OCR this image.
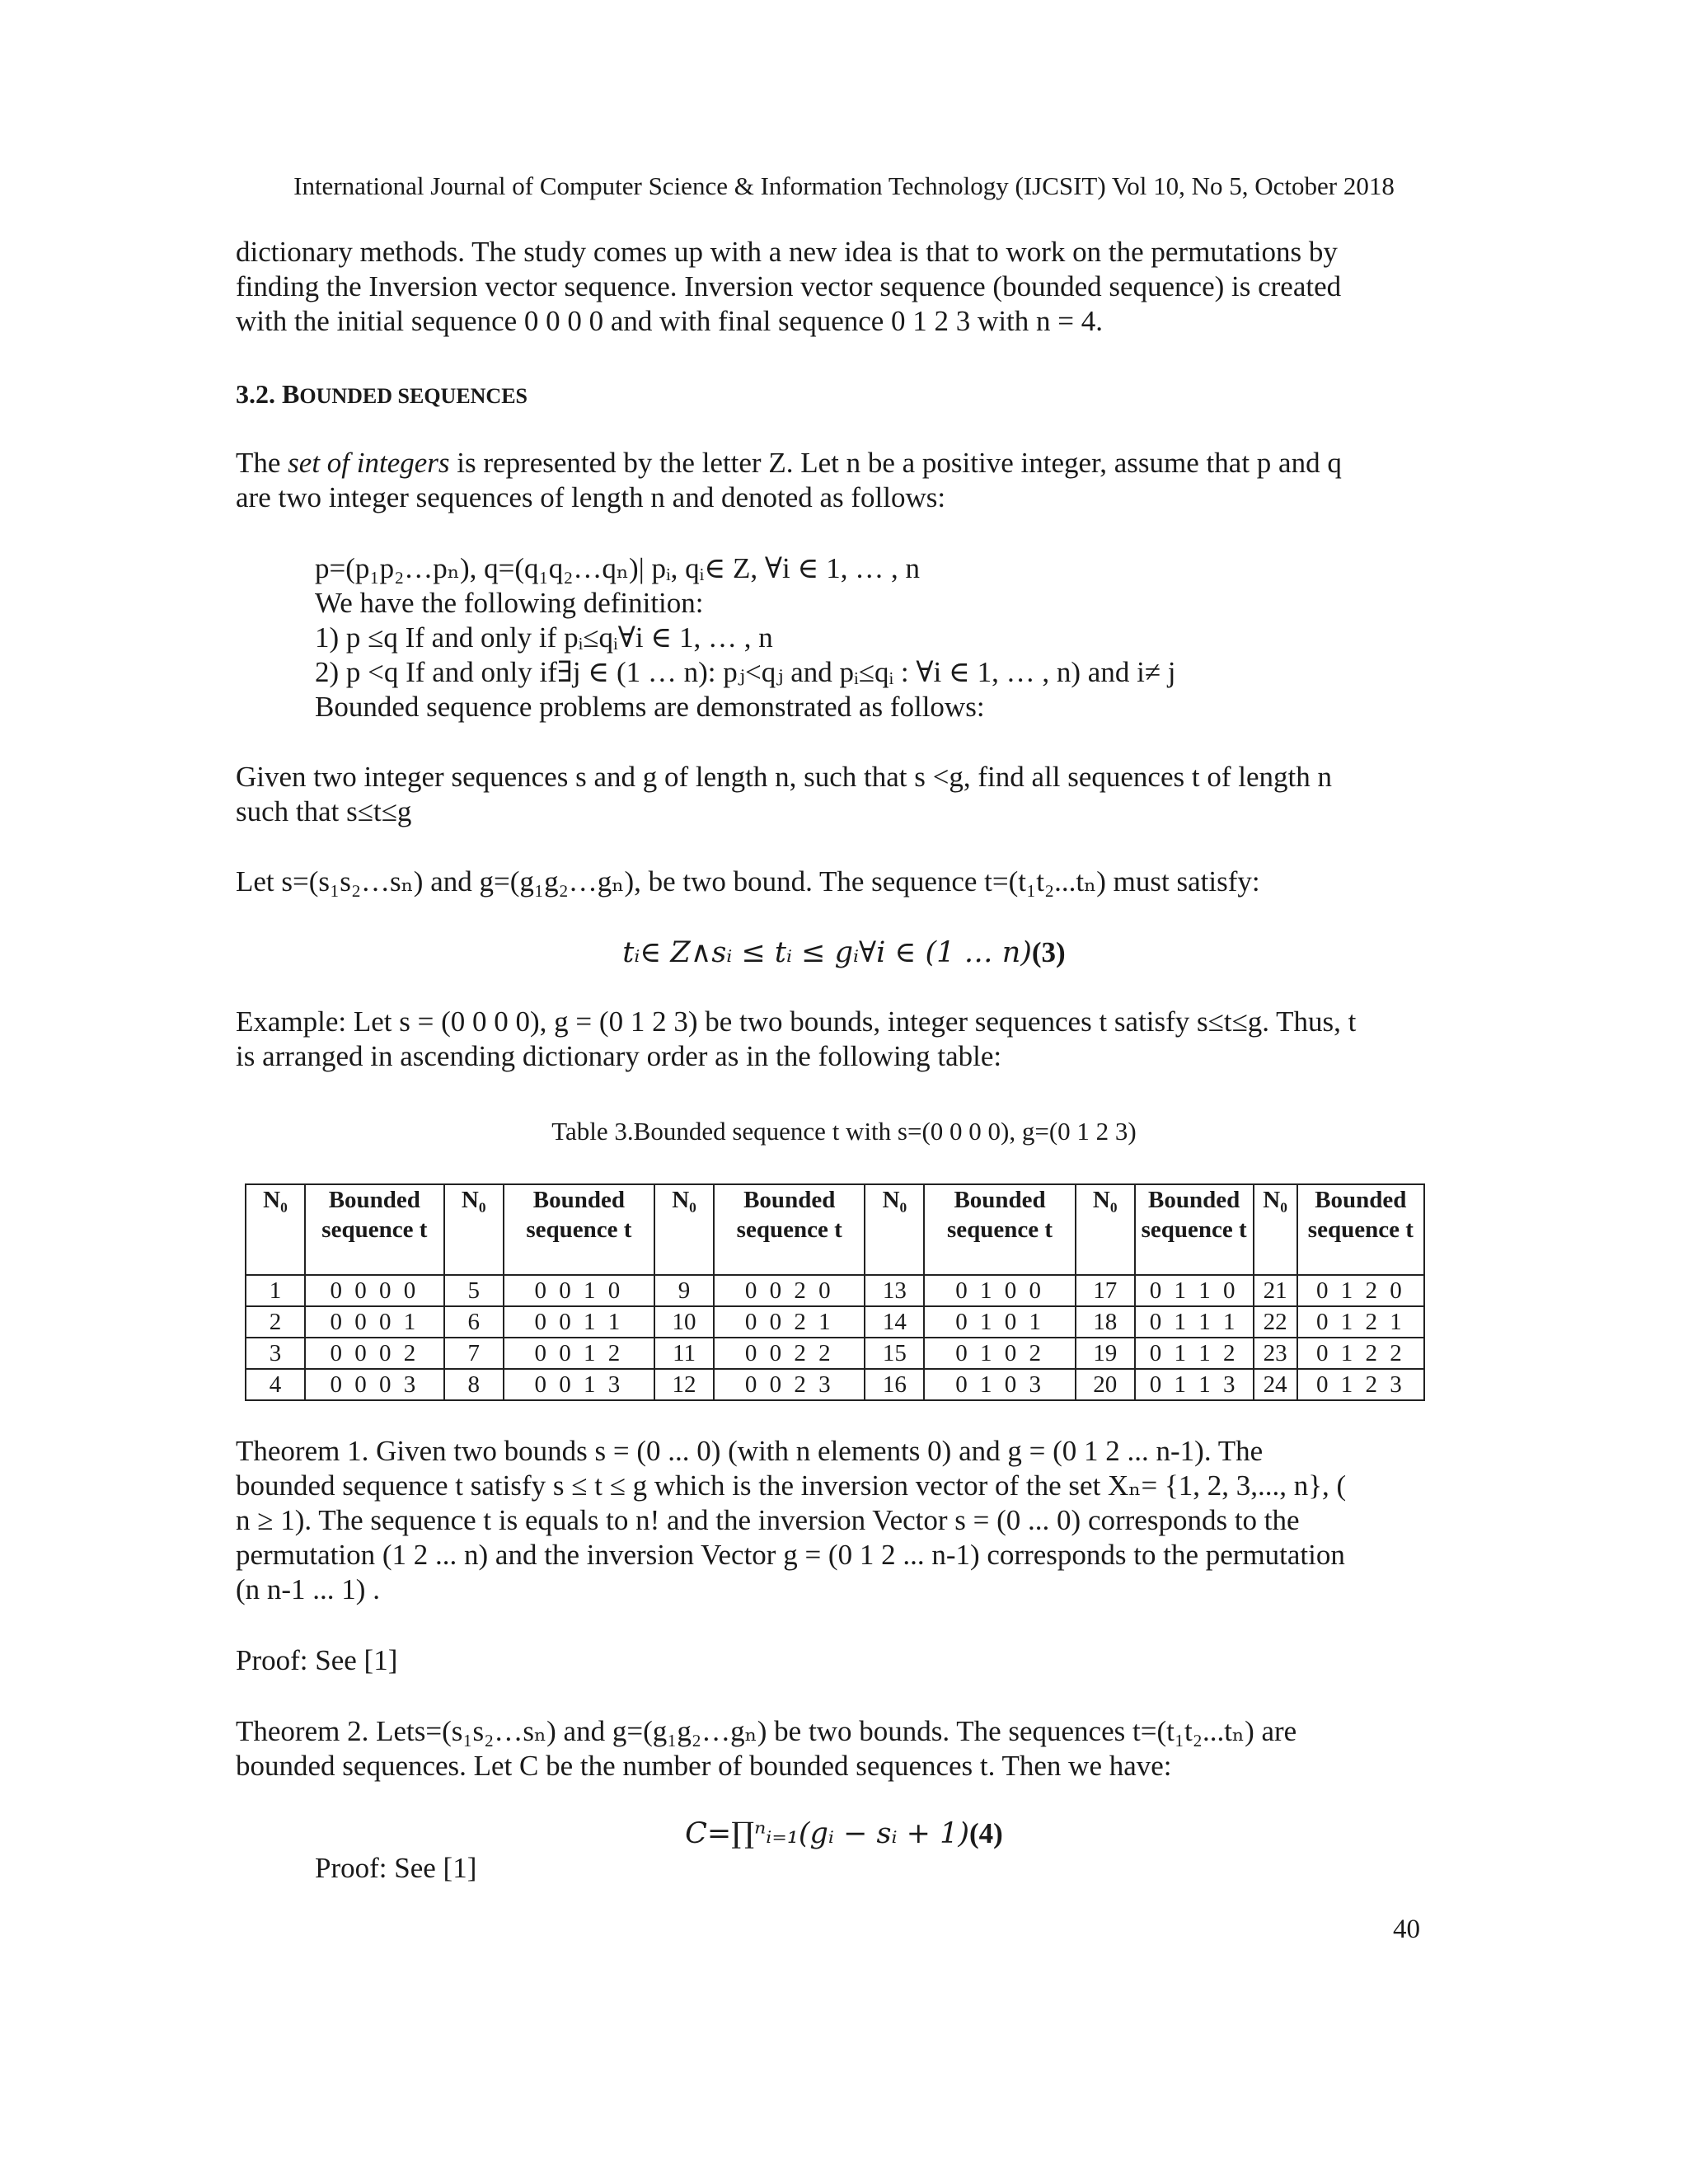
International Journal of Computer Science & Information Technology (IJCSIT) Vol 10, No 5, October 2018
dictionary methods. The study comes up with a new idea is that to work on the permutations by
finding the Inversion vector sequence. Inversion vector sequence (bounded sequence) is created
with the initial sequence 0 0 0 0 and with final sequence 0 1 2 3 with n = 4.
3.2. BOUNDED SEQUENCES
The set of integers is represented by the letter Z. Let n be a positive integer, assume that p and q
are two integer sequences of length n and denoted as follows:
p=(p₁p₂…pₙ), q=(q₁q₂…qₙ)| pᵢ, qᵢ∈ Z, ∀i ∈ 1, … , n
We have the following definition:
1) p ≤q If and only if pᵢ≤qᵢ∀i ∈ 1, … , n
2) p <q If and only if∃j ∈ (1 … n): pⱼ<qⱼ and pᵢ≤qᵢ : ∀i ∈ 1, … , n) and i≠ j
Bounded sequence problems are demonstrated as follows:
Given two integer sequences s and g of length n, such that s <g, find all sequences t of length n
such that s≤t≤g
Let s=(s₁s₂…sₙ) and g=(g₁g₂…gₙ), be two bound. The sequence t=(t₁t₂...tₙ) must satisfy:
tᵢ∈ Z∧sᵢ ≤ tᵢ ≤ gᵢ∀i ∈ (1 … n)(3)
Example: Let s = (0 0 0 0), g = (0 1 2 3) be two bounds, integer sequences t satisfy s≤t≤g. Thus, t
is arranged in ascending dictionary order as in the following table:
Table 3.Bounded sequence t with s=(0 0 0 0), g=(0 1 2 3)
N₀	Bounded sequence t	N₀	Bounded sequence t	N₀	Bounded sequence t	N₀	Bounded sequence t	N₀	Bounded sequence t	N₀	Bounded sequence t
1	0 0 0 0	5	0 0 1 0	9	0 0 2 0	13	0 1 0 0	17	0 1 1 0	21	0 1 2 0
2	0 0 0 1	6	0 0 1 1	10	0 0 2 1	14	0 1 0 1	18	0 1 1 1	22	0 1 2 1
3	0 0 0 2	7	0 0 1 2	11	0 0 2 2	15	0 1 0 2	19	0 1 1 2	23	0 1 2 2
4	0 0 0 3	8	0 0 1 3	12	0 0 2 3	16	0 1 0 3	20	0 1 1 3	24	0 1 2 3
Theorem 1. Given two bounds s = (0 ... 0) (with n elements 0) and g = (0 1 2 ... n-1). The
bounded sequence t satisfy s ≤ t ≤ g which is the inversion vector of the set Xₙ= {1, 2, 3,..., n}, (
n ≥ 1). The sequence t is equals to n! and the inversion Vector s = (0 ... 0) corresponds to the
permutation (1 2 ... n) and the inversion Vector g = (0 1 2 ... n-1) corresponds to the permutation
(n n-1 ... 1) .
Proof: See [1]
Theorem 2. Lets=(s₁s₂…sₙ) and g=(g₁g₂…gₙ) be two bounds. The sequences t=(t₁t₂...tₙ) are
bounded sequences. Let C be the number of bounded sequences t. Then we have:
C=∏ⁿᵢ₌₁(gᵢ − sᵢ + 1)(4)
Proof: See [1]
40
